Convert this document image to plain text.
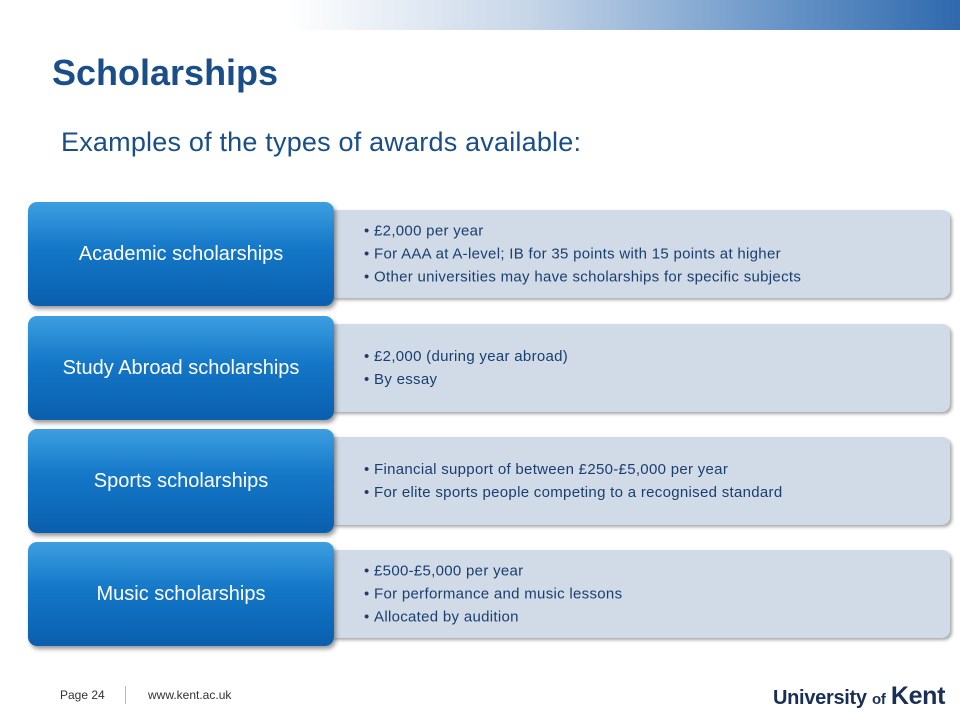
Scholarships

Examples of the types of awards available:

• £2,000 per year
• For AAA at A-level; IB for 35 points with 15 points at higher
• Other universities may have scholarships for specific subjects
Academic scholarships
• £2,000 (during year abroad)
• By essay
Study Abroad scholarships
• Financial support of between £250-£5,000 per year
• For elite sports people competing to a recognised standard
Sports scholarships
• £500-£5,000 per year
• For performance and music lessons
• Allocated by audition
Music scholarships
Page 24	www.kent.ac.uk	University of Kent
